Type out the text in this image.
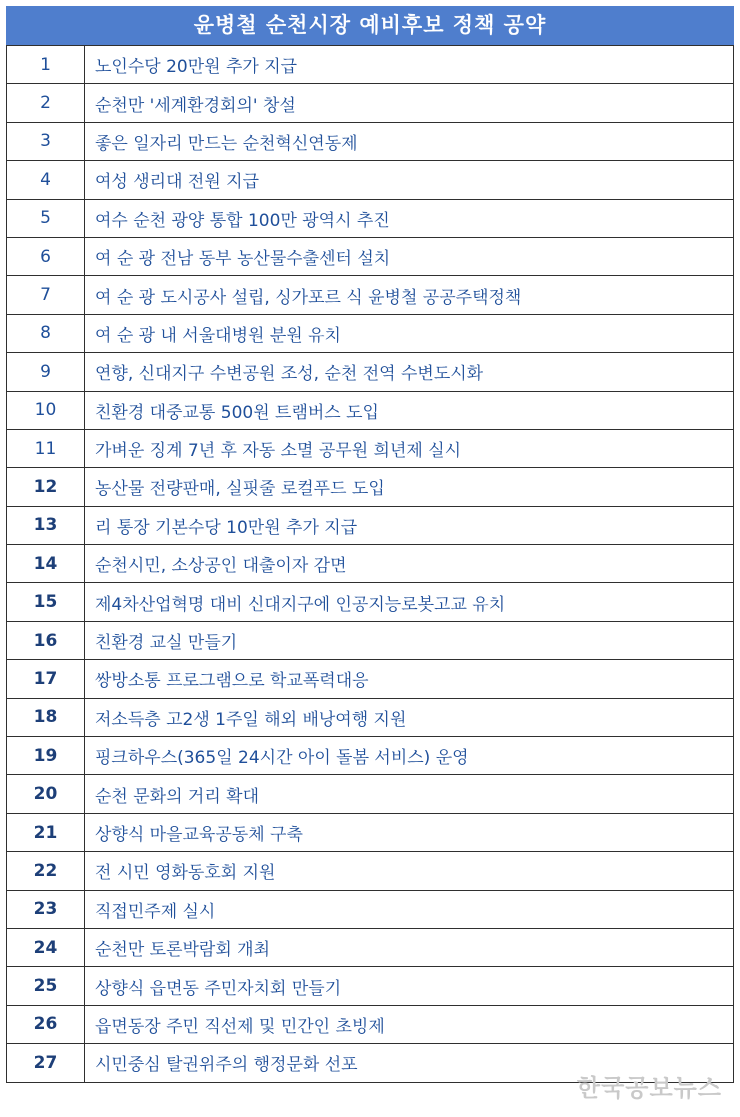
윤병철 순천시장 예비후보 정책 공약
1	노인수당 20만원 추가 지급
2	순천만 '세계환경회의' 창설
3	좋은 일자리 만드는 순천혁신연동제
4	여성 생리대 전원 지급
5	여수 순천 광양 통합 100만 광역시 추진
6	여 순 광 전남 동부 농산물수출센터 설치
7	여 순 광 도시공사 설립, 싱가포르 식 윤병철 공공주택정책
8	여 순 광 내 서울대병원 분원 유치
9	연향, 신대지구 수변공원 조성, 순천 전역 수변도시화
10	친환경 대중교통 500원 트램버스 도입
11	가벼운 징계 7년 후 자동 소멸 공무원 희년제 실시
12	농산물 전량판매, 실핏줄 로컬푸드 도입
13	리 통장 기본수당 10만원 추가 지급
14	순천시민, 소상공인 대출이자 감면
15	제4차산업혁명 대비 신대지구에 인공지능로봇고교 유치
16	친환경 교실 만들기
17	쌍방소통 프로그램으로 학교폭력대응
18	저소득층 고2생 1주일 해외 배낭여행 지원
19	핑크하우스(365일 24시간 아이 돌봄 서비스) 운영
20	순천 문화의 거리 확대
21	상향식 마을교육공동체 구축
22	전 시민 영화동호회 지원
23	직접민주제 실시
24	순천만 토론박람회 개최
25	상향식 읍면동 주민자치회 만들기
26	읍면동장 주민 직선제 및 민간인 초빙제
27	시민중심 탈권위주의 행정문화 선포
한국공보뉴스
